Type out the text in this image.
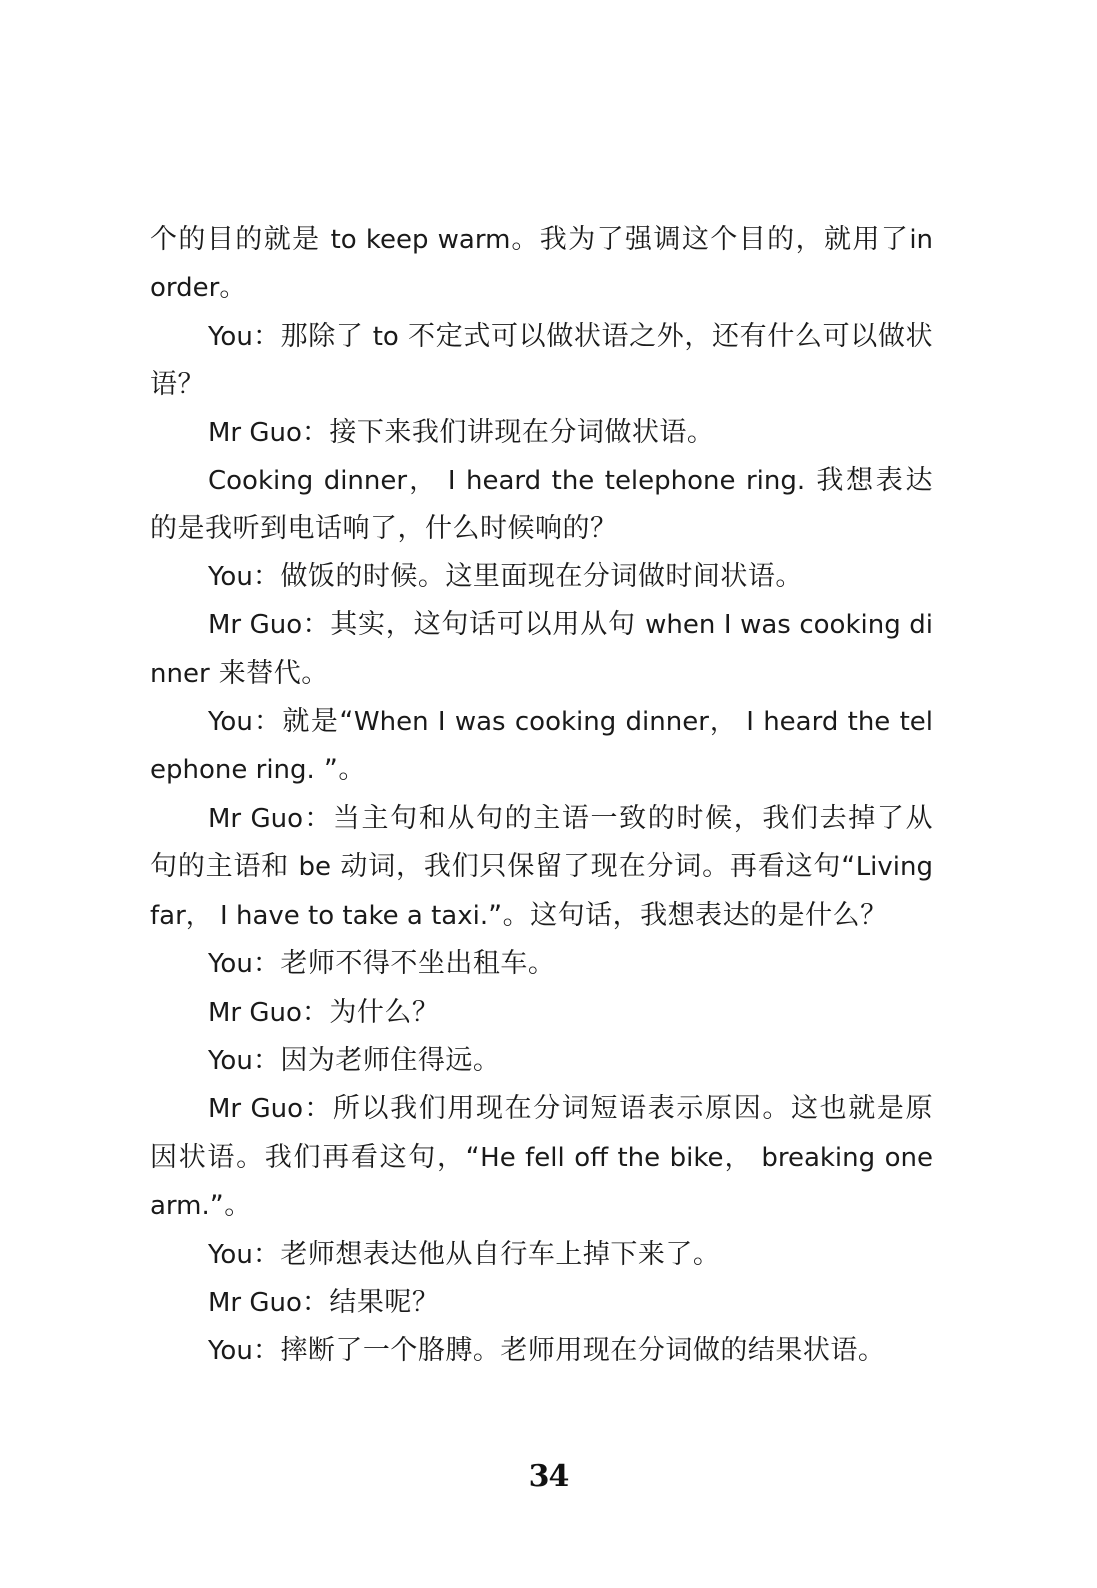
个的目的就是 to keep warm。我为了强调这个目的，就用了in order。

You：那除了 to 不定式可以做状语之外，还有什么可以做状语？

Mr Guo：接下来我们讲现在分词做状语。

Cooking dinner， I heard the telephone ring. 我想表达的是我听到电话响了，什么时候响的？

You：做饭的时候。这里面现在分词做时间状语。

Mr Guo：其实，这句话可以用从句 when I was cooking dinner 来替代。

You：就是“When I was cooking dinner， I heard the telephone ring. ”。

Mr Guo：当主句和从句的主语一致的时候，我们去掉了从句的主语和 be 动词，我们只保留了现在分词。再看这句“Living far， I have to take a taxi.”。这句话，我想表达的是什么？

You：老师不得不坐出租车。

Mr Guo：为什么？

You：因为老师住得远。

Mr Guo：所以我们用现在分词短语表示原因。这也就是原因状语。我们再看这句，“He fell off the bike， breaking one arm.”。

You：老师想表达他从自行车上掉下来了。

Mr Guo：结果呢？

You：摔断了一个胳膊。老师用现在分词做的结果状语。

34
